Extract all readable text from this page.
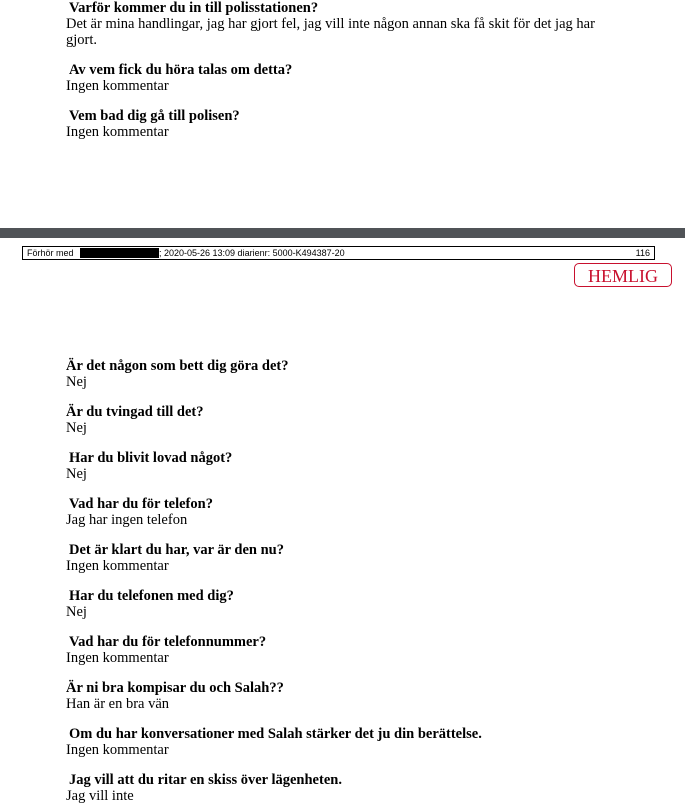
Varför kommer du in till polisstationen?
Det är mina handlingar, jag har gjort fel, jag vill inte någon annan ska få skit för det jag har gjort.
Av vem fick du höra talas om detta?
Ingen kommentar
Vem bad dig gå till polisen?
Ingen kommentar
Förhör med	; 2020-05-26 13:09 diarienr: 5000-K494387-20	116
HEMLIG
Är det någon som bett dig göra det?
Nej
Är du tvingad till det?
Nej
Har du blivit lovad något?
Nej
Vad har du för telefon?
Jag har ingen telefon
Det är klart du har, var är den nu?
Ingen kommentar
Har du telefonen med dig?
Nej
Vad har du för telefonnummer?
Ingen kommentar
Är ni bra kompisar du och Salah??
Han är en bra vän
Om du har konversationer med Salah stärker det ju din berättelse.
Ingen kommentar
Jag vill att du ritar en skiss över lägenheten.
Jag vill inte
